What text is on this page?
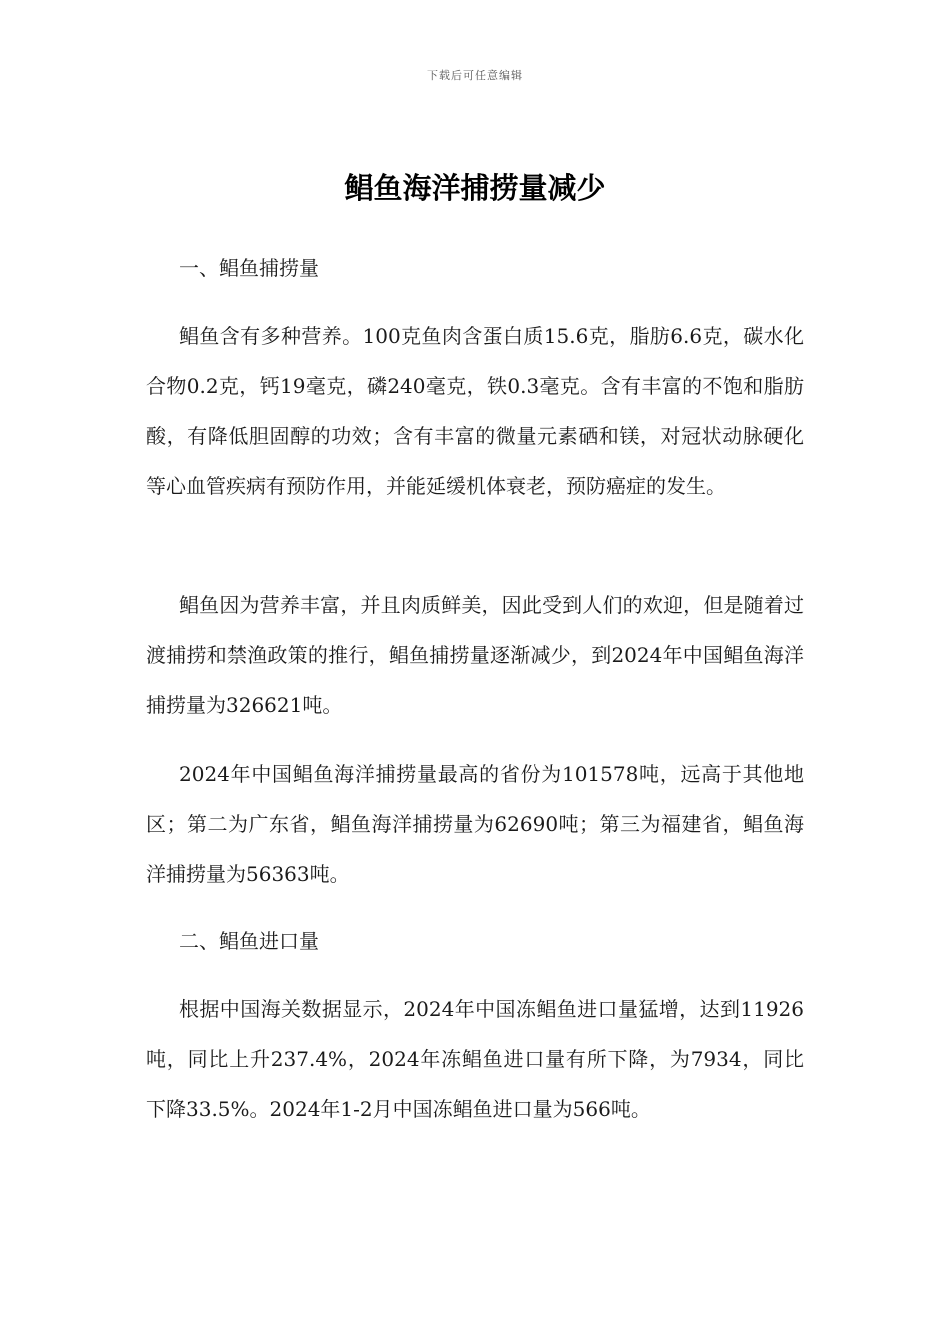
下载后可任意编辑
鲳鱼海洋捕捞量减少

一、鲳鱼捕捞量

鲳鱼含有多种营养。100克鱼肉含蛋白质15.6克，脂肪6.6克，碳水化合物0.2克，钙19毫克，磷240毫克，铁0.3毫克。含有丰富的不饱和脂肪酸，有降低胆固醇的功效；含有丰富的微量元素硒和镁，对冠状动脉硬化等心血管疾病有预防作用，并能延缓机体衰老，预防癌症的发生。

鲳鱼因为营养丰富，并且肉质鲜美，因此受到人们的欢迎，但是随着过渡捕捞和禁渔政策的推行，鲳鱼捕捞量逐渐减少，到2024年中国鲳鱼海洋捕捞量为326621吨。

2024年中国鲳鱼海洋捕捞量最高的省份为101578吨，远高于其他地区；第二为广东省，鲳鱼海洋捕捞量为62690吨；第三为福建省，鲳鱼海洋捕捞量为56363吨。

二、鲳鱼进口量

根据中国海关数据显示，2024年中国冻鲳鱼进口量猛增，达到11926吨，同比上升237.4%，2024年冻鲳鱼进口量有所下降，为7934，同比下降33.5%。2024年1-2月中国冻鲳鱼进口量为566吨。
